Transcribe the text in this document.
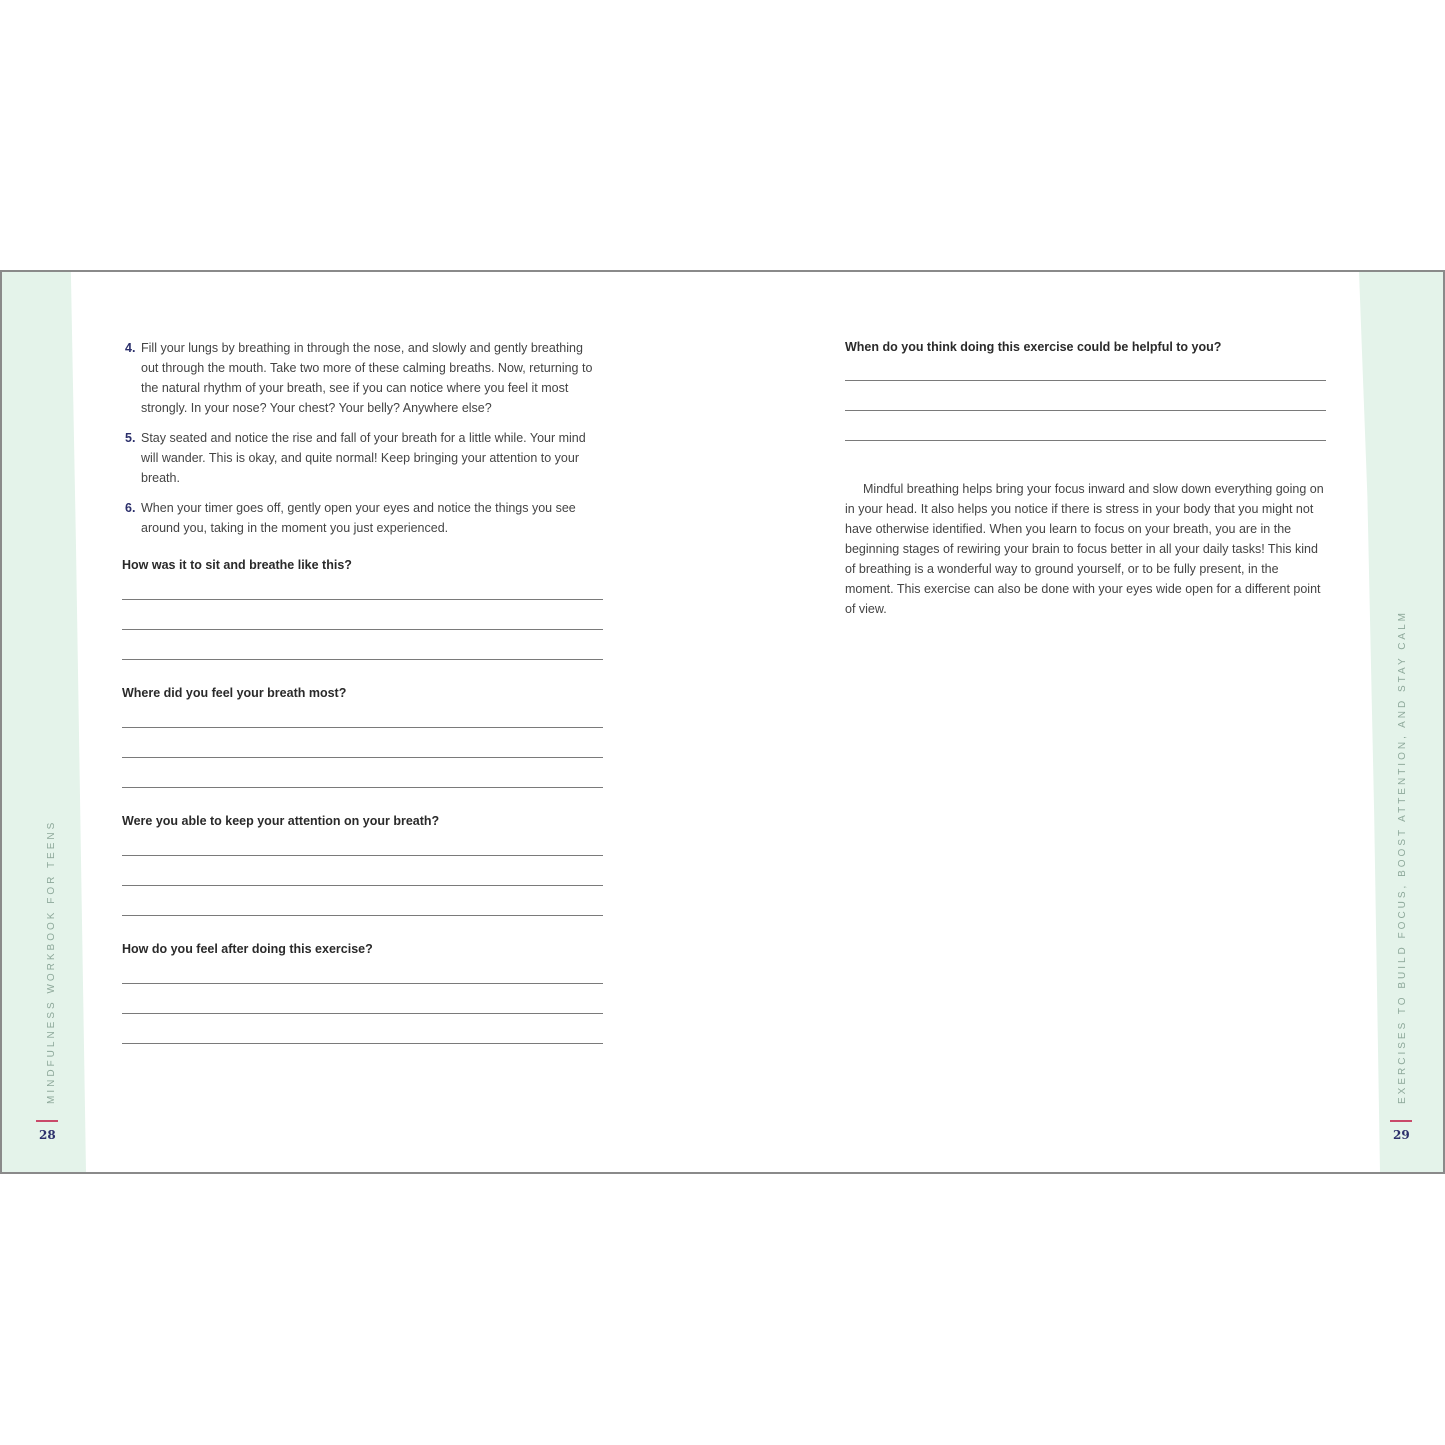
MINDFULNESS WORKBOOK FOR TEENS	EXERCISES TO BUILD FOCUS, BOOST ATTENTION, AND STAY CALM
28	29
4. Fill your lungs by breathing in through the nose, and slowly and gently breathing out through the mouth. Take two more of these calming breaths. Now, returning to the natural rhythm of your breath, see if you can notice where you feel it most strongly. In your nose? Your chest? Your belly? Anywhere else?
5. Stay seated and notice the rise and fall of your breath for a little while. Your mind will wander. This is okay, and quite normal! Keep bringing your attention to your breath.
6. When your timer goes off, gently open your eyes and notice the things you see around you, taking in the moment you just experienced.
How was it to sit and breathe like this?
Where did you feel your breath most?
Were you able to keep your attention on your breath?
How do you feel after doing this exercise?
When do you think doing this exercise could be helpful to you?

Mindful breathing helps bring your focus inward and slow down everything going on in your head. It also helps you notice if there is stress in your body that you might not have otherwise identified. When you learn to focus on your breath, you are in the beginning stages of rewiring your brain to focus better in all your daily tasks! This kind of breathing is a wonderful way to ground yourself, or to be fully present, in the moment. This exercise can also be done with your eyes wide open for a different point of view.
